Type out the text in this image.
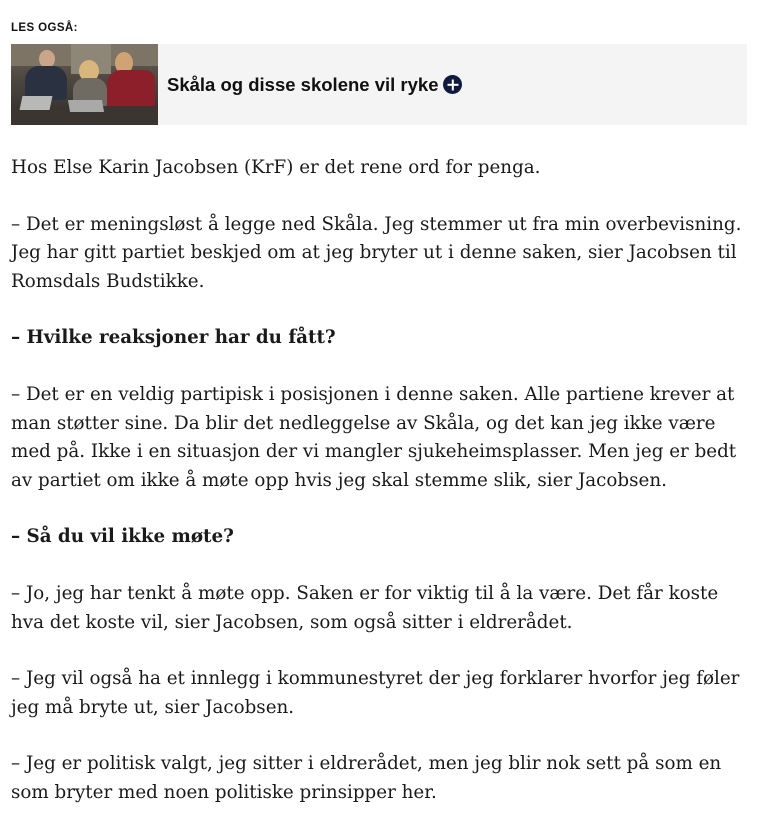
LES OGSÅ:
Skåla og disse skolene vil ryke

Hos Else Karin Jacobsen (KrF) er det rene ord for penga.

– Det er meningsløst å legge ned Skåla. Jeg stemmer ut fra min overbevisning. Jeg har gitt partiet beskjed om at jeg bryter ut i denne saken, sier Jacobsen til Romsdals Budstikke.

– Hvilke reaksjoner har du fått?

– Det er en veldig partipisk i posisjonen i denne saken. Alle partiene krever at man støtter sine. Da blir det nedleggelse av Skåla, og det kan jeg ikke være med på. Ikke i en situasjon der vi mangler sjukeheimsplasser. Men jeg er bedt av partiet om ikke å møte opp hvis jeg skal stemme slik, sier Jacobsen.

– Så du vil ikke møte?

– Jo, jeg har tenkt å møte opp. Saken er for viktig til å la være. Det får koste hva det koste vil, sier Jacobsen, som også sitter i eldrerådet.

– Jeg vil også ha et innlegg i kommunestyret der jeg forklarer hvorfor jeg føler jeg må bryte ut, sier Jacobsen.

– Jeg er politisk valgt, jeg sitter i eldrerådet, men jeg blir nok sett på som en som bryter med noen politiske prinsipper her.
